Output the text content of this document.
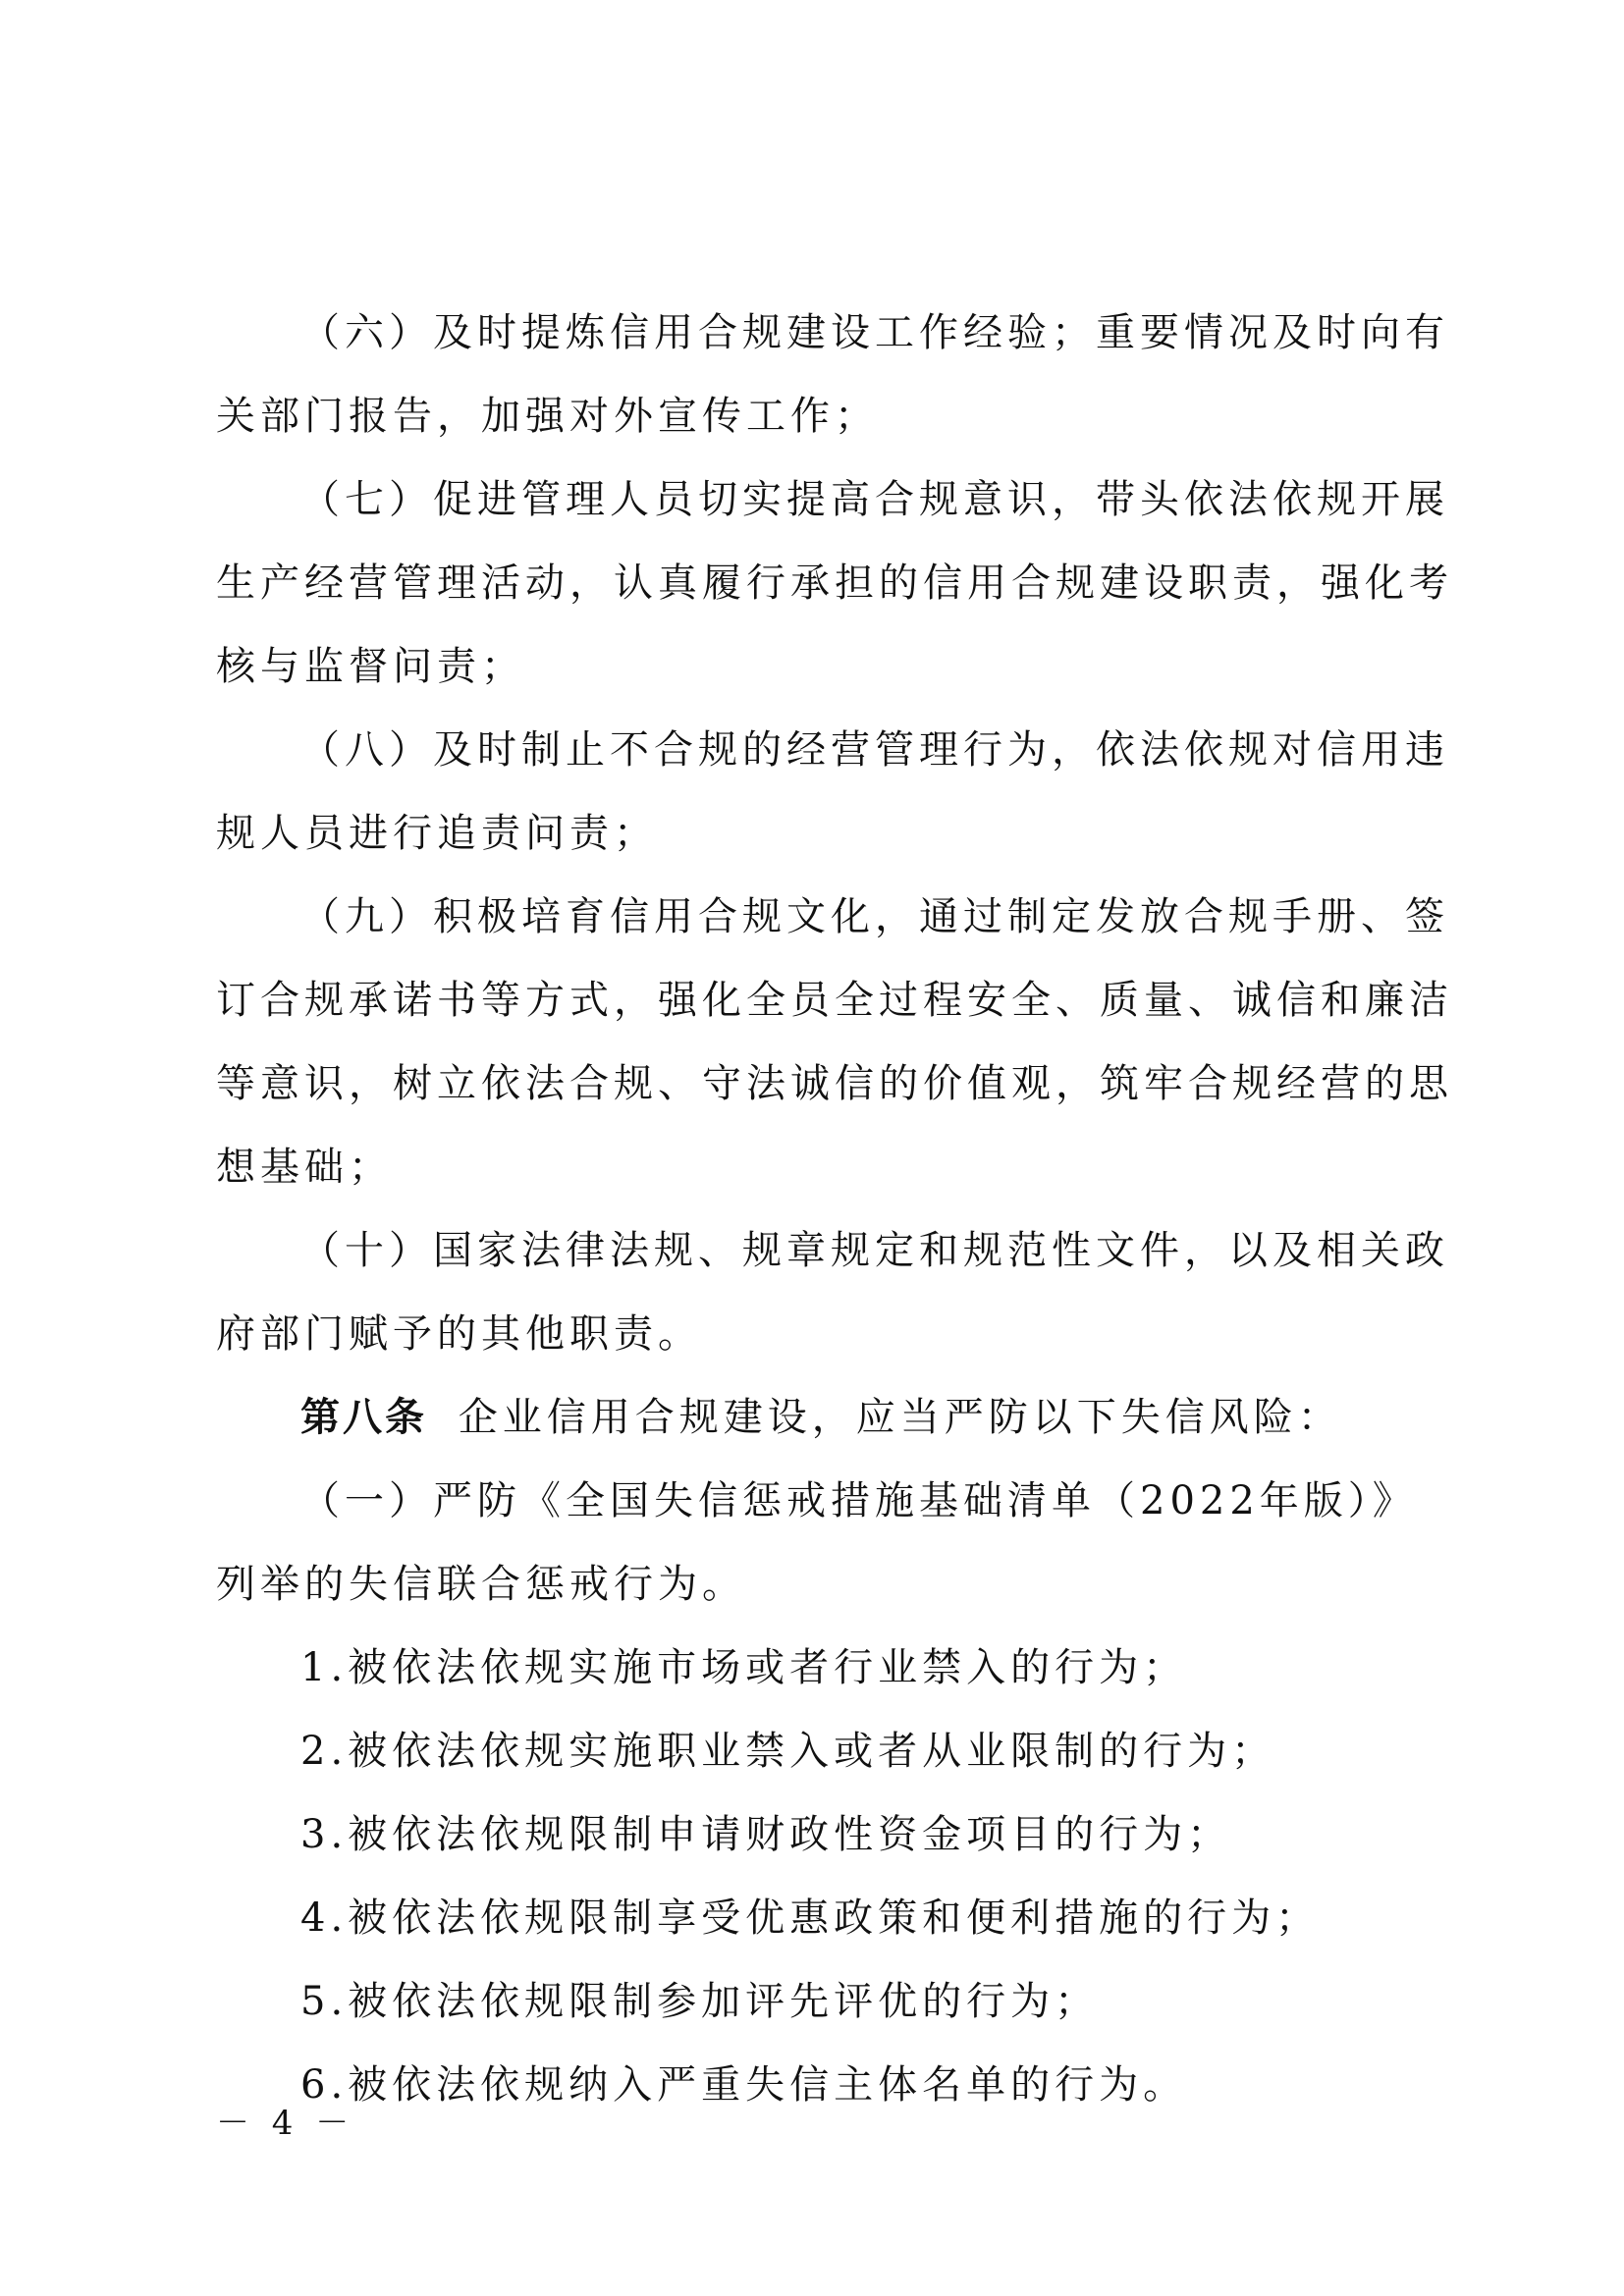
（六）及时提炼信用合规建设工作经验；重要情况及时向有
关部门报告，加强对外宣传工作；
（七）促进管理人员切实提高合规意识，带头依法依规开展
生产经营管理活动，认真履行承担的信用合规建设职责，强化考
核与监督问责；
（八）及时制止不合规的经营管理行为，依法依规对信用违
规人员进行追责问责；
（九）积极培育信用合规文化，通过制定发放合规手册、签
订合规承诺书等方式，强化全员全过程安全、质量、诚信和廉洁
等意识，树立依法合规、守法诚信的价值观，筑牢合规经营的思
想基础；
（十）国家法律法规、规章规定和规范性文件，以及相关政
府部门赋予的其他职责。
第八条 企业信用合规建设，应当严防以下失信风险：
（一）严防《全国失信惩戒措施基础清单（2022年版）》
列举的失信联合惩戒行为。
1.被依法依规实施市场或者行业禁入的行为；
2.被依法依规实施职业禁入或者从业限制的行为；
3.被依法依规限制申请财政性资金项目的行为；
4.被依法依规限制享受优惠政策和便利措施的行为；
5.被依法依规限制参加评先评优的行为；
6.被依法依规纳入严重失信主体名单的行为。
－ 4 －
